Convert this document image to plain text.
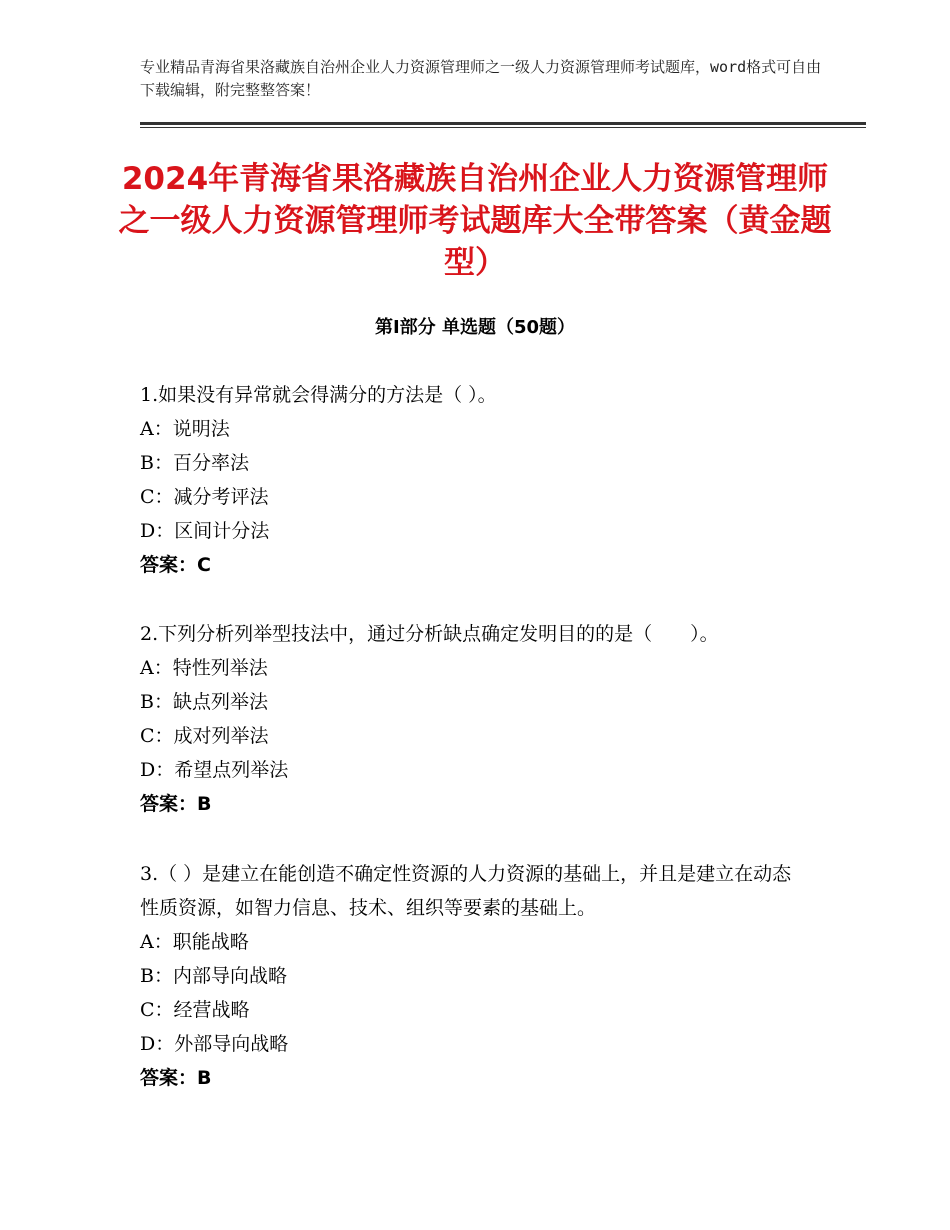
专业精品青海省果洛藏族自治州企业人力资源管理师之一级人力资源管理师考试题库，word格式可自由下载编辑，附完整整答案！
2024年青海省果洛藏族自治州企业人力资源管理师之一级人力资源管理师考试题库大全带答案（黄金题型）
第Ⅰ部分 单选题（50题）

1.如果没有异常就会得满分的方法是（ ）。

A：说明法

B：百分率法

C：减分考评法

D：区间计分法

答案：C

2.下列分析列举型技法中，通过分析缺点确定发明目的的是（　　）。

A：特性列举法

B：缺点列举法

C：成对列举法

D：希望点列举法

答案：B

3.（ ）是建立在能创造不确定性资源的人力资源的基础上，并且是建立在动态性质资源，如智力信息、技术、组织等要素的基础上。

A：职能战略

B：内部导向战略

C：经营战略

D：外部导向战略

答案：B
